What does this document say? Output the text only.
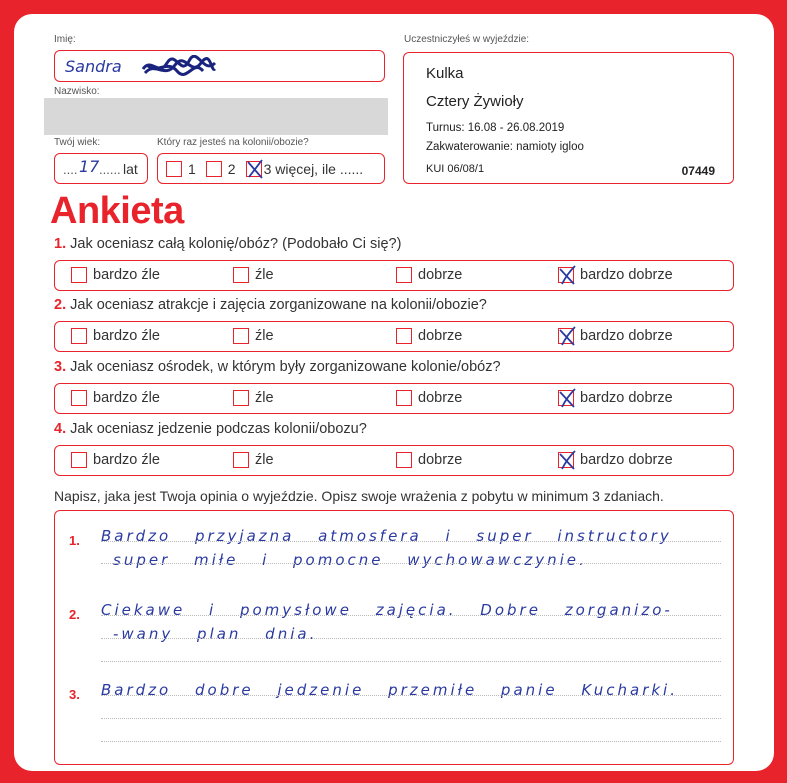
Imię:
Sandra
Nazwisko:
Twój wiek:
.... 17 ...... lat
Który raz jesteś na kolonii/obozie?
1 2 3 więcej, ile ......
Uczestniczyłeś w wyjeździe:
Kulka
Cztery Żywioły
Turnus: 16.08 - 26.08.2019
Zakwaterowanie: namioty igloo
KUI 06/08/1	07449
Ankieta
1. Jak oceniasz całą kolonię/obóz? (Podobało Ci się?)
bardzo źle	źle	dobrze	bardzo dobrze
2. Jak oceniasz atrakcje i zajęcia zorganizowane na kolonii/obozie?
bardzo źle	źle	dobrze	bardzo dobrze
3. Jak oceniasz ośrodek, w którym były zorganizowane kolonie/obóz?
bardzo źle	źle	dobrze	bardzo dobrze
4. Jak oceniasz jedzenie podczas kolonii/obozu?
bardzo źle	źle	dobrze	bardzo dobrze
Napisz, jaka jest Twoja opinia o wyjeździe. Opisz swoje wrażenia z pobytu w minimum 3 zdaniach.
1. Bardzo przyjazna atmosfera i super instructory
super miłe i pomocne wychowawczynie.
2. Ciekawe i pomysłowe zajęcia. Dobre zorganizo-
-wany plan dnia.
3. Bardzo dobre jedzenie przemiłe panie Kucharki.
